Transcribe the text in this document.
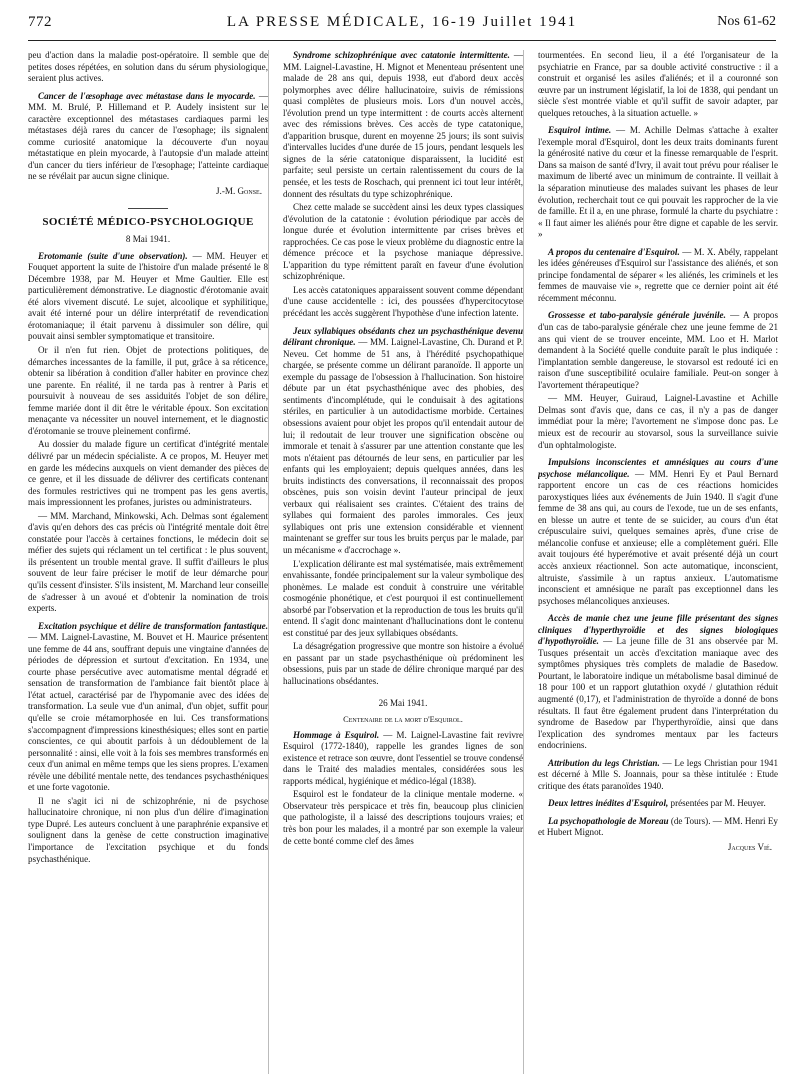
772	LA PRESSE MÉDICALE, 16-19 Juillet 1941	Nos 61-62

peu d'action dans la maladie post-opératoire. Il semble que de petites doses répétées, en solution dans du sérum physiologique, seraient plus actives.

Cancer de l'œsophage avec métastase dans le myocarde. — MM. M. Brulé, P. Hillemand et P. Audely insistent sur le caractère exceptionnel des métastases cardiaques parmi les métastases déjà rares du cancer de l'œsophage; ils signalent comme curiosité anatomique la découverte d'un noyau métastatique en plein myocarde, à l'autopsie d'un malade atteint d'un cancer du tiers inférieur de l'œsophage; l'atteinte cardiaque ne se révélait par aucun signe clinique.

J.-M. Gonse.

SOCIÉTÉ MÉDICO-PSYCHOLOGIQUE

8 Mai 1941.

Erotomanie (suite d'une observation). — MM. Heuyer et Fouquet apportent la suite de l'histoire d'un malade présenté le 8 Décembre 1938, par M. Heuyer et Mme Gaultier. Elle est particulièrement démonstrative. Le diagnostic d'érotomanie avait été alors vivement discuté. Le sujet, alcoolique et syphilitique, avait été interné pour un délire interprétatif de revendication érotomaniaque; il était parvenu à dissimuler son délire, qui pouvait ainsi sembler symptomatique et transitoire.

Or il n'en fut rien. Objet de protections politiques, de démarches incessantes de la famille, il put, grâce à sa réticence, obtenir sa libération à condition d'aller habiter en province chez une parente. En réalité, il ne tarda pas à rentrer à Paris et poursuivit à nouveau de ses assiduités l'objet de son délire, femme mariée dont il dit être le véritable époux. Son excitation menaçante va nécessiter un nouvel internement, et le diagnostic d'érotomanie se trouve pleinement confirmé.

Au dossier du malade figure un certificat d'intégrité mentale délivré par un médecin spécialiste. A ce propos, M. Heuyer met en garde les médecins auxquels on vient demander des pièces de ce genre, et il les dissuade de délivrer des certificats contenant des formules restrictives qui ne trompent pas les gens avertis, mais impressionnent les profanes, juristes ou administrateurs.

— MM. Marchand, Minkowski, Ach. Delmas sont également d'avis qu'en dehors des cas précis où l'intégrité mentale doit être constatée pour l'accès à certaines fonctions, le médecin doit se méfier des sujets qui réclament un tel certificat : le plus souvent, ils présentent un trouble mental grave. Il suffit d'ailleurs le plus souvent de leur faire préciser le motif de leur démarche pour qu'ils cessent d'insister. S'ils insistent, M. Marchand leur conseille de s'adresser à un avoué et d'obtenir la nomination de trois experts.

Excitation psychique et délire de transformation fantastique. — MM. Laignel-Lavastine, M. Bouvet et H. Maurice présentent une femme de 44 ans, souffrant depuis une vingtaine d'années de périodes de dépression et surtout d'excitation. En 1934, une courte phase persécutive avec automatisme mental dégradé et sensation de transformation de l'ambiance fait bientôt place à l'état actuel, caractérisé par de l'hypomanie avec des idées de transformation. La seule vue d'un animal, d'un objet, suffit pour qu'elle se croie métamorphosée en lui. Ces transformations s'accompagnent d'impressions kinesthésiques; elles sont en partie conscientes, ce qui aboutit parfois à un dédoublement de la personnalité : ainsi, elle voit à la fois ses membres transformés en ceux d'un animal en même temps que les siens propres. L'examen révèle une débilité mentale nette, des tendances psychasthéniques et une forte vagotonie.

Il ne s'agit ici ni de schizophrénie, ni de psychose hallucinatoire chronique, ni non plus d'un délire d'imagination type Dupré. Les auteurs concluent à une paraphrénie expansive et soulignent dans la genèse de cette construction imaginative l'importance de l'excitation psychique et du fonds psychasthénique.

Syndrome schizophrénique avec catatonie intermittente. — MM. Laignel-Lavastine, H. Mignot et Menenteau présentent une malade de 28 ans qui, depuis 1938, eut d'abord deux accès polymorphes avec délire hallucinatoire, suivis de rémissions quasi complètes de plusieurs mois. Lors d'un nouvel accès, l'évolution prend un type intermittent : de courts accès alternent avec des rémissions brèves. Ces accès de type catatonique, d'apparition brusque, durent en moyenne 25 jours; ils sont suivis d'intervalles lucides d'une durée de 15 jours, pendant lesquels les signes de la série catatonique disparaissent, la lucidité est parfaite; seul persiste un certain ralentissement du cours de la pensée, et les tests de Roschach, qui prennent ici tout leur intérêt, donnent des résultats du type schizophrénique.

Chez cette malade se succèdent ainsi les deux types classiques d'évolution de la catatonie : évolution périodique par accès de longue durée et évolution intermittente par crises brèves et rapprochées. Ce cas pose le vieux problème du diagnostic entre la démence précoce et la psychose maniaque dépressive. L'apparition du type rémittent paraît en faveur d'une évolution schizophrénique.

Les accès catatoniques apparaissent souvent comme dépendant d'une cause accidentelle : ici, des poussées d'hypercitocytose précédant les accès suggèrent l'hypothèse d'une infection latente.

Jeux syllabiques obsédants chez un psychasthénique devenu délirant chronique. — MM. Laignel-Lavastine, Ch. Durand et P. Neveu. Cet homme de 51 ans, à l'hérédité psychopathique chargée, se présente comme un délirant paranoïde. Il apporte un exemple du passage de l'obsession à l'hallucination. Son histoire débute par un état psychasthénique avec des phobies, des sentiments d'incomplétude, qui le conduisait à des agitations stériles, en particulier à un autodidactisme morbide. Certaines obsessions avaient pour objet les propos qu'il entendait autour de lui; il redoutait de leur trouver une signification obscène ou immorale et tenait à s'assurer par une attention constante que les mots n'étaient pas détournés de leur sens, en particulier par les enfants qui les employaient; depuis quelques années, dans les bruits indistincts des conversations, il reconnaissait des propos obscènes, puis son voisin devint l'auteur principal de jeux verbaux qui réalisaient ses craintes. C'étaient des trains de syllabes qui formaient des paroles immorales. Ces jeux syllabiques ont pris une extension considérable et viennent maintenant se greffer sur tous les bruits perçus par le malade, par un mécanisme « d'accrochage ».

L'explication délirante est mal systématisée, mais extrêmement envahissante, fondée principalement sur la valeur symbolique des phonèmes. Le malade est conduit à construire une véritable cosmogénie phonétique, et c'est pourquoi il est continuellement absorbé par l'observation et la reproduction de tous les bruits qu'il entend. Il s'agit donc maintenant d'hallucinations dont le contenu est constitué par des jeux syllabiques obsédants.

La désagrégation progressive que montre son histoire a évolué en passant par un stade psychasthénique où prédominent les obsessions, puis par un stade de délire chronique marqué par des hallucinations obsédantes.

26 Mai 1941.

Centenaire de la mort d'Esquirol.

Hommage à Esquirol. — M. Laignel-Lavastine fait revivre Esquirol (1772-1840), rappelle les grandes lignes de son existence et retrace son œuvre, dont l'essentiel se trouve condensé dans le Traité des maladies mentales, considérées sous les rapports médical, hygiénique et médico-légal (1838).

Esquirol est le fondateur de la clinique mentale moderne. « Observateur très perspicace et très fin, beaucoup plus clinicien que pathologiste, il a laissé des descriptions toujours vraies; et très bon pour les malades, il a montré par son exemple la valeur de cette bonté comme clef des âmes

tourmentées. En second lieu, il a été l'organisateur de la psychiatrie en France, par sa double activité constructive : il a construit et organisé les asiles d'aliénés; et il a couronné son œuvre par un instrument législatif, la loi de 1838, qui pendant un siècle s'est montrée viable et qu'il suffit de savoir adapter, par quelques retouches, à la situation actuelle. »

Esquirol intime. — M. Achille Delmas s'attache à exalter l'exemple moral d'Esquirol, dont les deux traits dominants furent la générosité native du cœur et la finesse remarquable de l'esprit. Dans sa maison de santé d'Ivry, il avait tout prévu pour réaliser le maximum de liberté avec un minimum de contrainte. Il veillait à la séparation minutieuse des malades suivant les phases de leur évolution, recherchait tout ce qui pouvait les rapprocher de la vie de famille. Et il a, en une phrase, formulé la charte du psychiatre : « Il faut aimer les aliénés pour être digne et capable de les servir. »

A propos du centenaire d'Esquirol. — M. X. Abély, rappelant les idées généreuses d'Esquirol sur l'assistance des aliénés, et son principe fondamental de séparer « les aliénés, les criminels et les femmes de mauvaise vie », regrette que ce dernier point ait été récemment méconnu.

Grossesse et tabo-paralysie générale juvénile. — A propos d'un cas de tabo-paralysie générale chez une jeune femme de 21 ans qui vient de se trouver enceinte, MM. Loo et H. Marlot demandent à la Société quelle conduite paraît le plus indiquée : l'implantation semble dangereuse, le stovarsol est redouté ici en raison d'une susceptibilité oculaire familiale. Peut-on songer à l'avortement thérapeutique?

— MM. Heuyer, Guiraud, Laignel-Lavastine et Achille Delmas sont d'avis que, dans ce cas, il n'y a pas de danger immédiat pour la mère; l'avortement ne s'impose donc pas. Le mieux est de recourir au stovarsol, sous la surveillance suivie d'un ophtalmologiste.

Impulsions inconscientes et amnésiques au cours d'une psychose mélancolique. — MM. Henri Ey et Paul Bernard rapportent encore un cas de ces réactions homicides paroxystiques liées aux événements de Juin 1940. Il s'agit d'une femme de 38 ans qui, au cours de l'exode, tue un de ses enfants, en blesse un autre et tente de se suicider, au cours d'un état crépusculaire suivi, quelques semaines après, d'une crise de mélancolie confuse et anxieuse; elle a complètement guéri. Elle avait toujours été hyperémotive et avait présenté déjà un court accès anxieux réactionnel. Son acte automatique, inconscient, altruiste, s'assimile à un raptus anxieux. L'automatisme inconscient et amnésique ne paraît pas exceptionnel dans les psychoses mélancoliques anxieuses.

Accès de manie chez une jeune fille présentant des signes cliniques d'hyperthyroïdie et des signes biologiques d'hypothyroïdie. — La jeune fille de 31 ans observée par M. Tusques présentait un accès d'excitation maniaque avec des symptômes physiques très complets de maladie de Basedow. Pourtant, le laboratoire indique un métabolisme basal diminué de 18 pour 100 et un rapport glutathion oxydé / glutathion réduit augmenté (0,17), et l'administration de thyroïde a donné de bons résultats. Il faut être également prudent dans l'interprétation du syndrome de Basedow par l'hyperthyroïdie, ainsi que dans l'explication des syndromes mentaux par les facteurs endocriniens.

Attribution du legs Christian. — Le legs Christian pour 1941 est décerné à Mlle S. Joannais, pour sa thèse intitulée : Etude critique des états paranoïdes 1940.

Deux lettres inédites d'Esquirol, présentées par M. Heuyer.

La psychopathologie de Moreau (de Tours). — MM. Henri Ey et Hubert Mignot.

Jacques Vié.
